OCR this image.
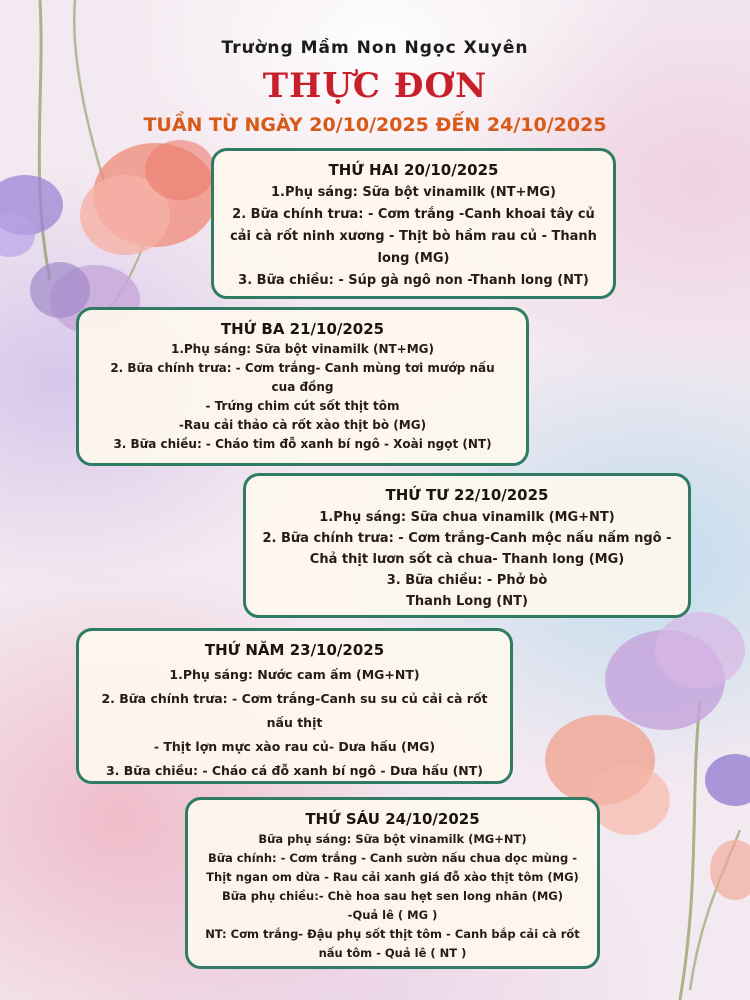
Trường Mầm Non Ngọc Xuyên
THỰC ĐƠN
TUẦN TỪ NGÀY 20/10/2025 ĐẾN 24/10/2025
THỨ HAI 20/10/2025
1.Phụ sáng: Sữa bột vinamilk (NT+MG)
2. Bữa chính trưa: - Cơm trắng -Canh khoai tây củ
cải cà rốt ninh xương - Thịt bò hầm rau củ - Thanh
long (MG)
3. Bữa chiều: - Súp gà ngô non -Thanh long (NT)
THỨ BA 21/10/2025
1.Phụ sáng: Sữa bột vinamilk (NT+MG)
2. Bữa chính trưa: - Cơm trắng- Canh mùng tơi mướp nấu
cua đồng
- Trứng chim cút sốt thịt tôm
-Rau cải thảo cà rốt xào thịt bò (MG)
3. Bữa chiều: - Cháo tim đỗ xanh bí ngô - Xoài ngọt (NT)
THỨ TƯ 22/10/2025
1.Phụ sáng: Sữa chua vinamilk (MG+NT)
2. Bữa chính trưa: - Cơm trắng-Canh mộc nấu nấm ngô -
Chả thịt lươn sốt cà chua- Thanh long (MG)
3. Bữa chiều: - Phở bò
Thanh Long (NT)
THỨ NĂM 23/10/2025
1.Phụ sáng: Nước cam ấm (MG+NT)
2. Bữa chính trưa: - Cơm trắng-Canh su su củ cải cà rốt
nấu thịt
- Thịt lợn mực xào rau củ- Dưa hấu (MG)
3. Bữa chiều: - Cháo cá đỗ xanh bí ngô - Dưa hấu (NT)
THỨ SÁU 24/10/2025
Bữa phụ sáng: Sữa bột vinamilk (MG+NT)
Bữa chính: - Cơm trắng - Canh sườn nấu chua dọc mùng -
Thịt ngan om dừa - Rau cải xanh giá đỗ xào thịt tôm (MG)
Bữa phụ chiều:- Chè hoa sau hẹt sen long nhãn (MG)
-Quả lê ( MG )
NT: Cơm trắng- Đậu phụ sốt thịt tôm - Canh bắp cải cà rốt
nấu tôm - Quả lê ( NT )
